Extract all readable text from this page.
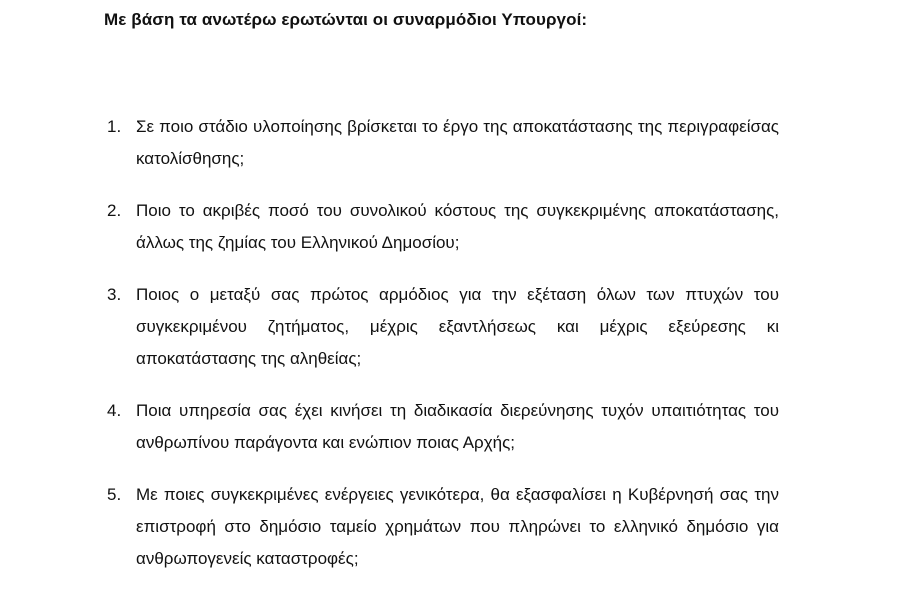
Με βάση τα ανωτέρω ερωτώνται οι συναρμόδιοι Υπουργοί:

1. Σε ποιο στάδιο υλοποίησης βρίσκεται το έργο της αποκατάστασης της περιγραφείσας κατολίσθησης;
2. Ποιο το ακριβές ποσό του συνολικού κόστους της συγκεκριμένης αποκατάστασης, άλλως της ζημίας του Ελληνικού Δημοσίου;
3. Ποιος ο μεταξύ σας πρώτος αρμόδιος για την εξέταση όλων των πτυχών του συγκεκριμένου ζητήματος, μέχρις εξαντλήσεως και μέχρις εξεύρεσης κι αποκατάστασης της αληθείας;
4. Ποια υπηρεσία σας έχει κινήσει τη διαδικασία διερεύνησης τυχόν υπαιτιότητας του ανθρωπίνου παράγοντα και ενώπιον ποιας Αρχής;
5. Με ποιες συγκεκριμένες ενέργειες γενικότερα, θα εξασφαλίσει η Κυβέρνησή σας την επιστροφή στο δημόσιο ταμείο χρημάτων που πληρώνει το ελληνικό δημόσιο για ανθρωπογενείς καταστροφές;
